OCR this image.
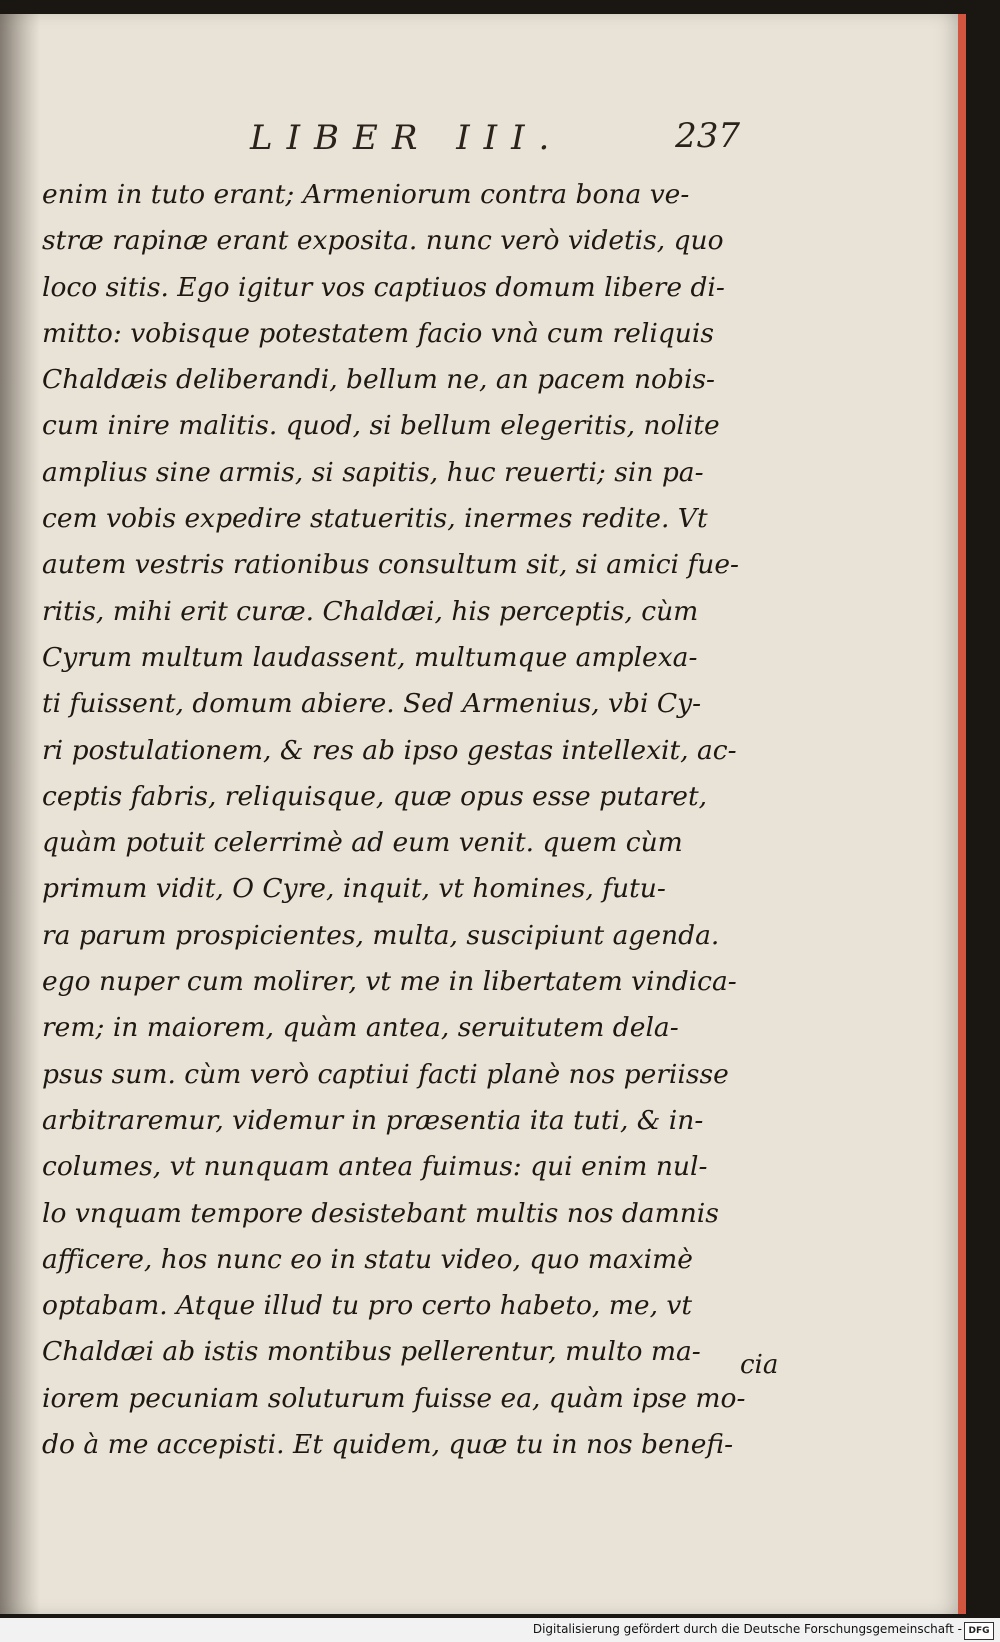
LIBER III.	237
enim in tuto erant; Armeniorum contra bona ve-
stræ rapinæ erant exposita. nunc verò videtis, quo
loco sitis. Ego igitur vos captiuos domum libere di-
mitto: vobisque potestatem facio vnà cum reliquis
Chaldæis deliberandi, bellum ne, an pacem nobis-
cum inire malitis. quod, si bellum elegeritis, nolite
amplius sine armis, si sapitis, huc reuerti; sin pa-
cem vobis expedire statueritis, inermes redite. Vt
autem vestris rationibus consultum sit, si amici fue-
ritis, mihi erit curæ. Chaldæi, his perceptis, cùm
Cyrum multum laudassent, multumque amplexa-
ti fuissent, domum abiere. Sed Armenius, vbi Cy-
ri postulationem, & res ab ipso gestas intellexit, ac-
ceptis fabris, reliquisque, quæ opus esse putaret,
quàm potuit celerrimè ad eum venit. quem cùm
primum vidit, O Cyre, inquit, vt homines, futu-
ra parum prospicientes, multa, suscipiunt agenda.
ego nuper cum molirer, vt me in libertatem vindica-
rem; in maiorem, quàm antea, seruitutem dela-
psus sum. cùm verò captiui facti planè nos periisse
arbitraremur, videmur in præsentia ita tuti, & in-
columes, vt nunquam antea fuimus: qui enim nul-
lo vnquam tempore desistebant multis nos damnis
afficere, hos nunc eo in statu video, quo maximè
optabam. Atque illud tu pro certo habeto, me, vt
Chaldæi ab istis montibus pellerentur, multo ma-
iorem pecuniam soluturum fuisse ea, quàm ipse mo-
do à me accepisti. Et quidem, quæ tu in nos benefi-
cia
Digitalisierung gefördert durch die Deutsche Forschungsgemeinschaft - DFG
